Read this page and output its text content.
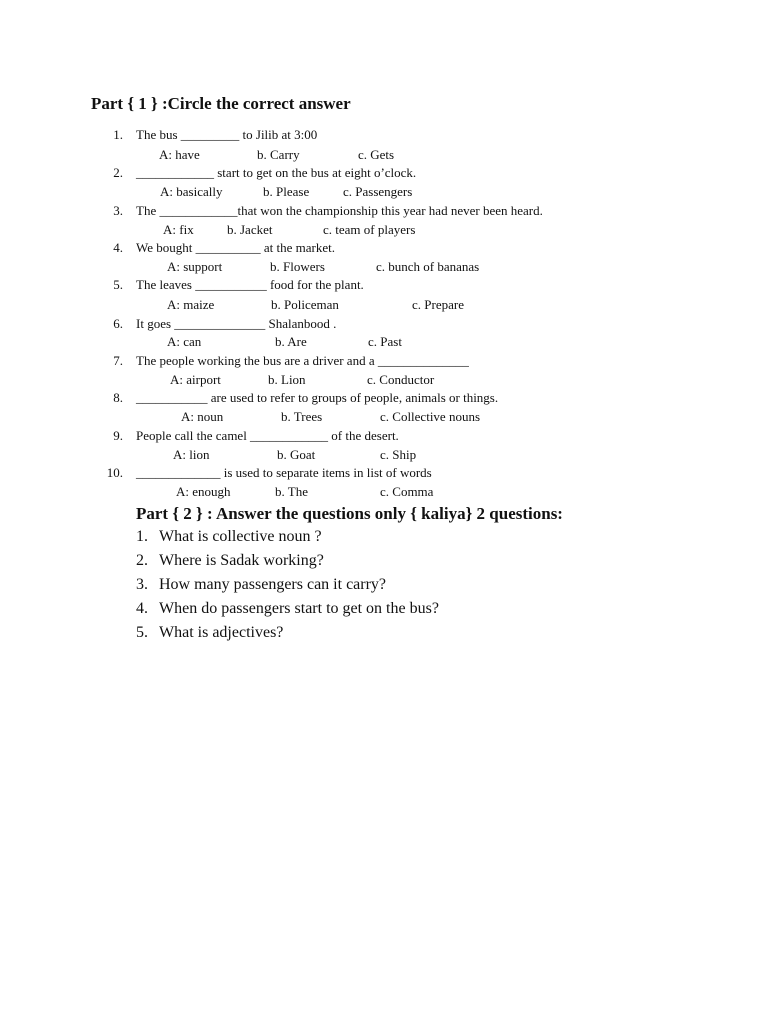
Part { 1 } :Circle the correct answer
1. The bus _________ to Jilib at 3:00
A: have	b. Carry	c. Gets
2. ____________ start to get on the bus at eight o’clock.
A: basically	b. Please	c. Passengers
3. The ____________that won the championship this year had never been heard.
A: fix	b. Jacket	c. team of players
4. We bought __________ at the market.
A: support	b. Flowers	c. bunch of bananas
5. The leaves ___________ food for the plant.
A: maize	b. Policeman	c. Prepare
6. It goes ______________ Shalanbood .
A: can	b. Are	c. Past
7. The people working the bus are a driver and a ______________
A: airport	b. Lion	c. Conductor
8. ___________ are used to refer to groups of people, animals or things.
A: noun	b. Trees	c. Collective nouns
9. People call the camel ____________ of the desert.
A: lion	b. Goat	c. Ship
10. _____________ is used to separate items in list of words
A: enough	b. The	c. Comma
Part { 2 } : Answer the questions only { kaliya} 2 questions:
1. What is collective noun ?
2. Where is Sadak working?
3. How many passengers can it carry?
4. When do passengers start to get on the bus?
5. What is adjectives?
